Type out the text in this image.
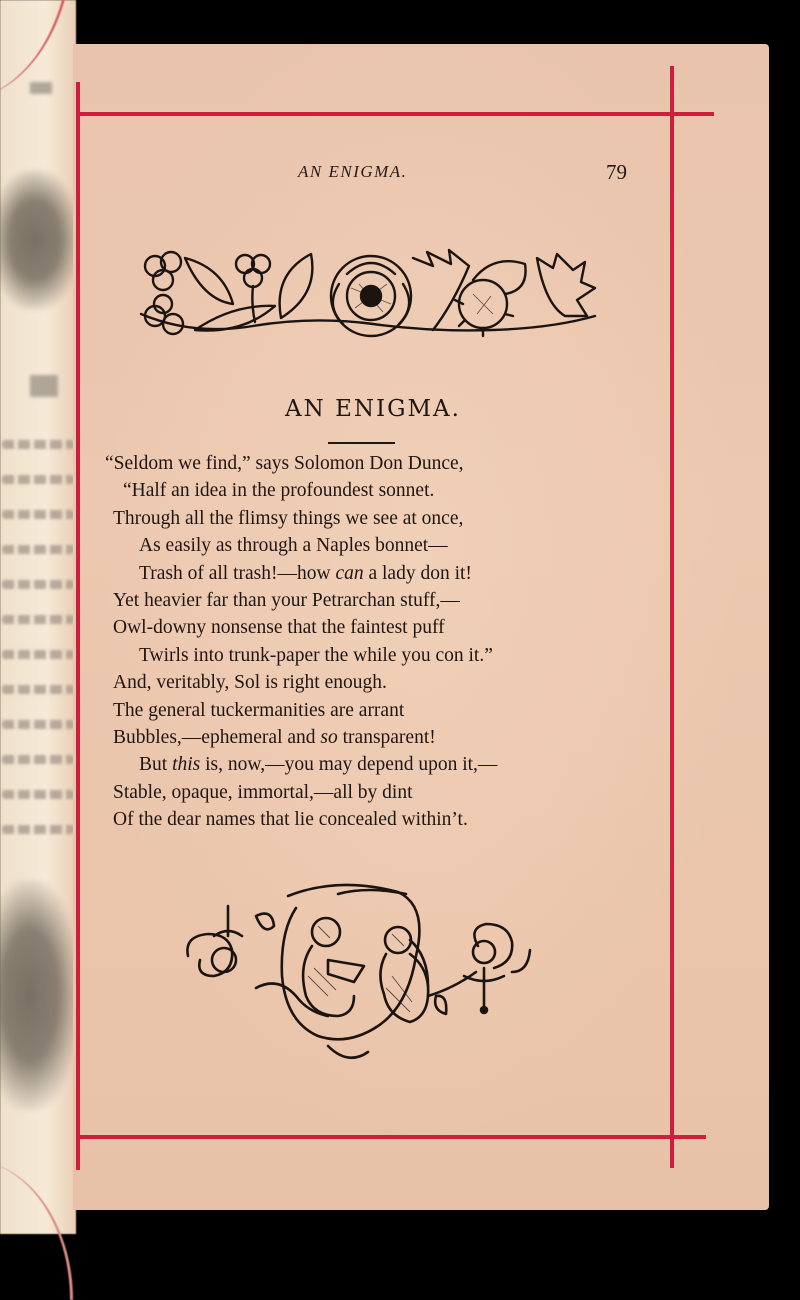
AN ENIGMA.	79
AN ENIGMA.
“Seldom we find,” says Solomon Don Dunce,
“Half an idea in the profoundest sonnet.
Through all the flimsy things we see at once,
As easily as through a Naples bonnet—
Trash of all trash!—how can a lady don it!
Yet heavier far than your Petrarchan stuff,—
Owl-downy nonsense that the faintest puff
Twirls into trunk-paper the while you con it.”
And, veritably, Sol is right enough.
The general tuckermanities are arrant
Bubbles,—ephemeral and so transparent!
But this is, now,—you may depend upon it,—
Stable, opaque, immortal,—all by dint
Of the dear names that lie concealed within’t.
